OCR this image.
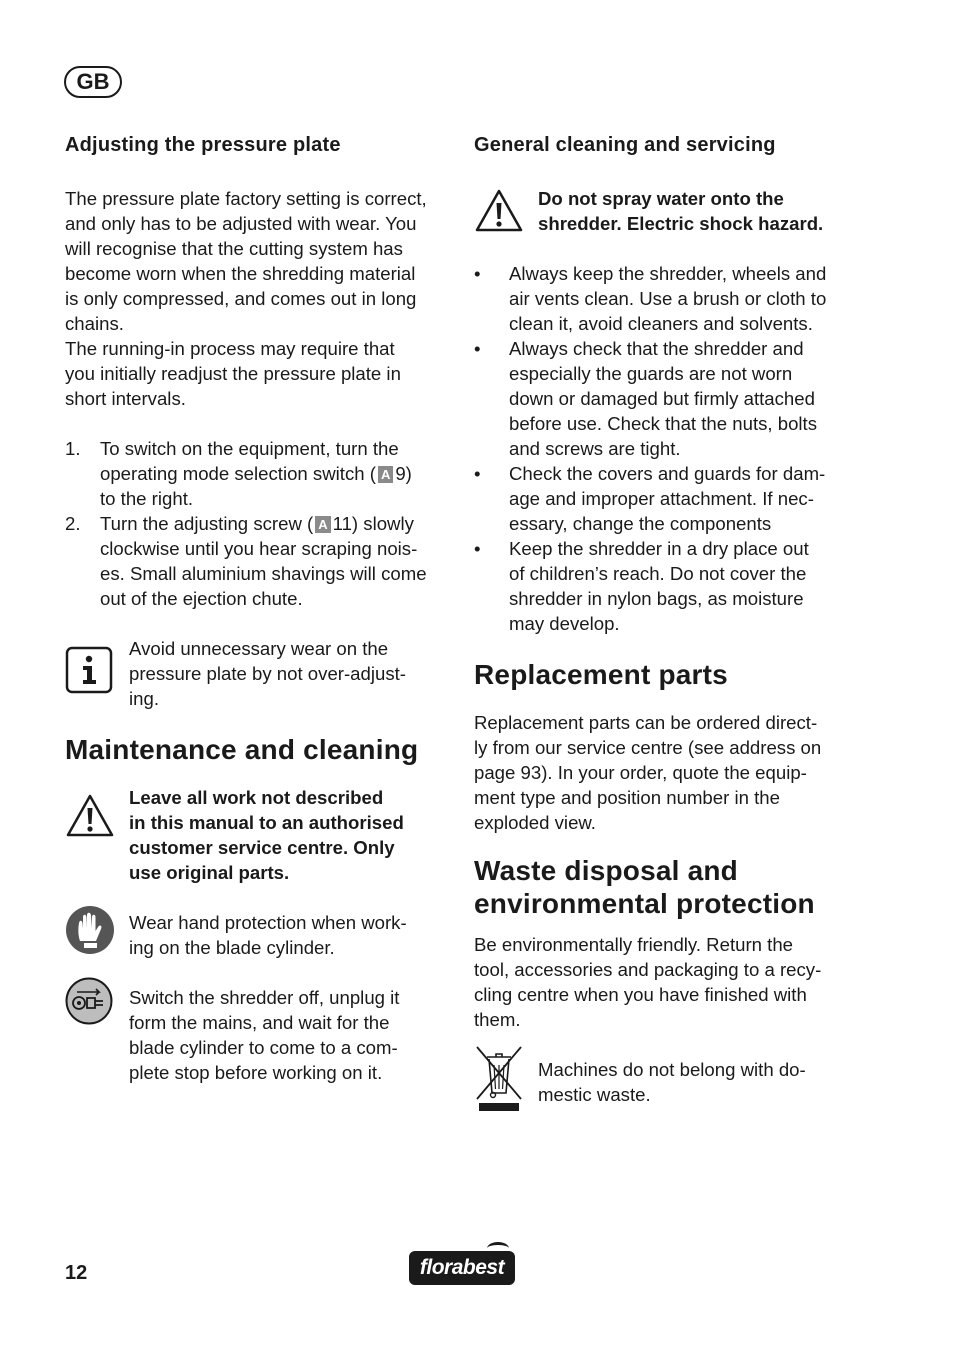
GB
Adjusting the pressure plate

The pressure plate factory setting is correct,
and only has to be adjusted with wear. You
will recognise that the cutting system has
become worn when the shredding material
is only compressed, and comes out in long
chains.

The running-in process may require that
you initially readjust the pressure plate in
short intervals.

1. To switch on the equipment, turn the
operating mode selection switch ( A 9)
to the right.
2. Turn the adjusting screw ( A 11) slowly
clockwise until you hear scraping nois-
es. Small aluminium shavings will come
out of the ejection chute.

Avoid unnecessary wear on the
pressure plate by not over-adjust-
ing.

Maintenance and cleaning

Leave all work not described
in this manual to an authorised
customer service centre. Only
use original parts.

Wear hand protection when work-
ing on the blade cylinder.

Switch the shredder off, unplug it
form the mains, and wait for the
blade cylinder to come to a com-
plete stop before working on it.

General cleaning and servicing

Do not spray water onto the
shredder. Electric shock hazard.

• Always keep the shredder, wheels and
air vents clean. Use a brush or cloth to
clean it, avoid cleaners and solvents.
• Always check that the shredder and
especially the guards are not worn
down or damaged but firmly attached
before use. Check that the nuts, bolts
and screws are tight.
• Check the covers and guards for dam-
age and improper attachment. If nec-
essary, change the components
• Keep the shredder in a dry place out
of children’s reach. Do not cover the
shredder in nylon bags, as moisture
may develop.
Replacement parts

Replacement parts can be ordered direct-
ly from our service centre (see address on
page 93). In your order, quote the equip-
ment type and position number in the
exploded view.

Waste disposal and
environmental protection

Be environmentally friendly. Return the
tool, accessories and packaging to a recy-
cling centre when you have finished with
them.

Machines do not belong with do-
mestic waste.

12	florabest
